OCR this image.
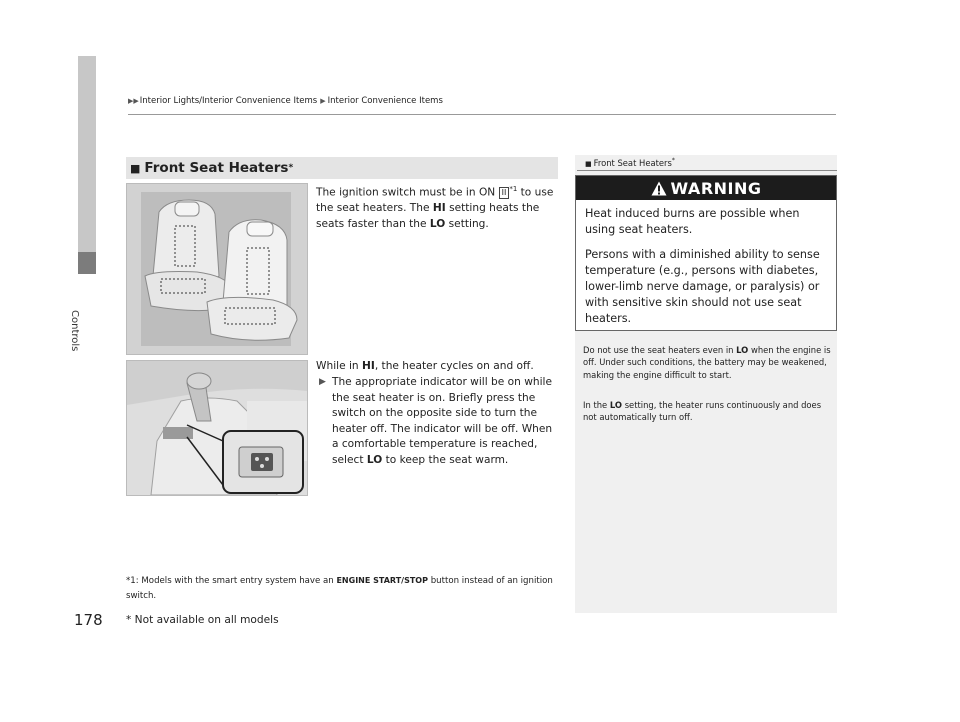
Controls
▶▶Interior Lights/Interior Convenience Items ▶ Interior Convenience Items
■ Front Seat Heaters *
The ignition switch must be in ON II $^{*1}$ to use the seat heaters. The HI setting heats the seats faster than the LO setting.
While in HI, the heater cycles on and off.
▶ The appropriate indicator will be on while the seat heater is on. Briefly press the switch on the opposite side to turn the heater off. The indicator will be off. When a comfortable temperature is reached, select LO to keep the seat warm.
*1: Models with the smart entry system have an ENGINE START/STOP button instead of an ignition switch.
■ Front Seat Heaters*
WARNING

Heat induced burns are possible when using seat heaters.

Persons with a diminished ability to sense temperature (e.g., persons with diabetes, lower-limb nerve damage, or paralysis) or with sensitive skin should not use seat heaters.

Do not use the seat heaters even in LO when the engine is off. Under such conditions, the battery may be weakened, making the engine difficult to start.
In the LO setting, the heater runs continuously and does not automatically turn off.
178 * Not available on all models
